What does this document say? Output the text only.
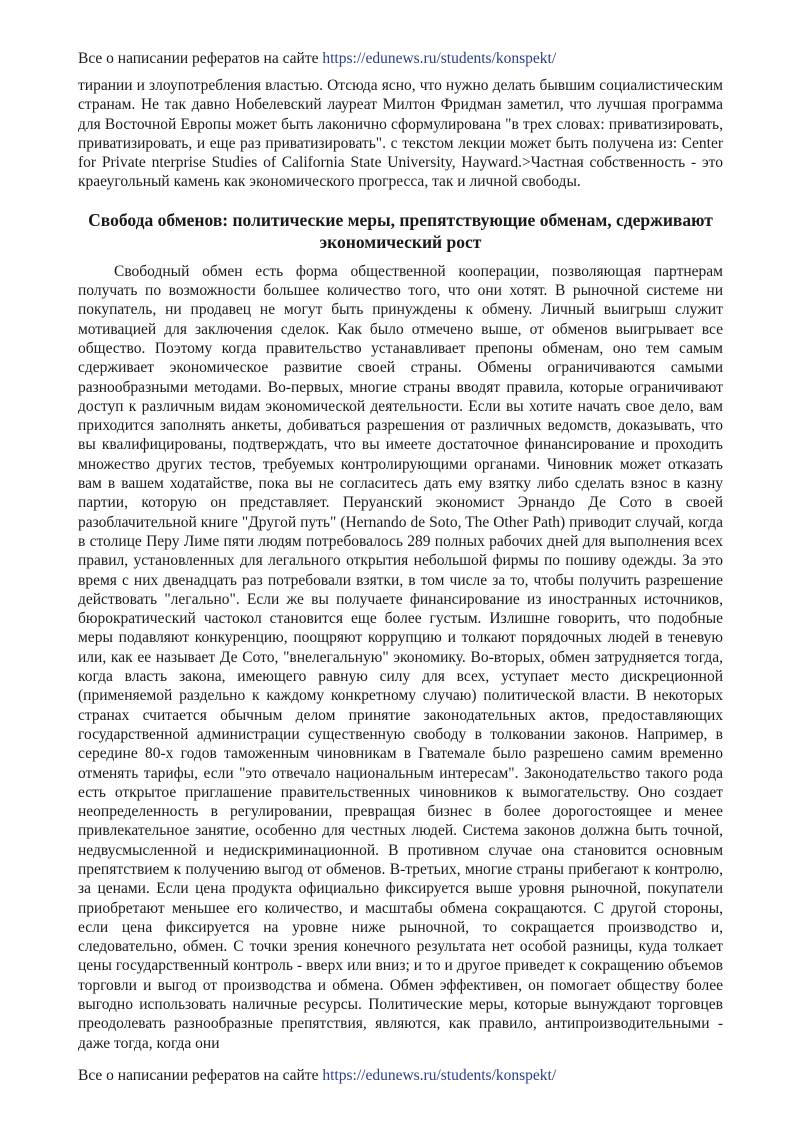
Все о написании рефератов на сайте https://edunews.ru/students/konspekt/

тирании и злоупотребления властью. Отсюда ясно, что нужно делать бывшим социалистическим странам. Не так давно Нобелевский лауреат Милтон Фридман заметил, что лучшая программа для Восточной Европы может быть лаконично сформулирована "в трех словах: приватизировать, приватизировать, и еще раз приватизировать". с текстом лекции может быть получена из: Center for Private nterprise Studies of California State University, Hayward.>Частная собственность - это краеугольный камень как экономического прогресса, так и личной свободы.

Свобода обменов: политические меры, препятствующие обменам, сдерживают экономический рост

Свободный обмен есть форма общественной кооперации, позволяющая партнерам получать по возможности большее количество того, что они хотят. В рыночной системе ни покупатель, ни продавец не могут быть принуждены к обмену. Личный выигрыш служит мотивацией для заключения сделок. Как было отмечено выше, от обменов выигрывает все общество. Поэтому когда правительство устанавливает препоны обменам, оно тем самым сдерживает экономическое развитие своей страны. Обмены ограничиваются самыми разнообразными методами. Во-первых, многие страны вводят правила, которые ограничивают доступ к различным видам экономической деятельности. Если вы хотите начать свое дело, вам приходится заполнять анкеты, добиваться разрешения от различных ведомств, доказывать, что вы квалифицированы, подтверждать, что вы имеете достаточное финансирование и проходить множество других тестов, требуемых контролирующими органами. Чиновник может отказать вам в вашем ходатайстве, пока вы не согласитесь дать ему взятку либо сделать взнос в казну партии, которую он представляет. Перуанский экономист Эрнандо Де Сото в своей разоблачительной книге "Другой путь" (Hernando de Soto, The Other Path) приводит случай, когда в столице Перу Лиме пяти людям потребовалось 289 полных рабочих дней для выполнения всех правил, установленных для легального открытия небольшой фирмы по пошиву одежды. За это время с них двенадцать раз потребовали взятки, в том числе за то, чтобы получить разрешение действовать "легально". Если же вы получаете финансирование из иностранных источников, бюрократический частокол становится еще более густым. Излишне говорить, что подобные меры подавляют конкуренцию, поощряют коррупцию и толкают порядочных людей в теневую или, как ее называет Де Сото, "внелегальную" экономику. Во-вторых, обмен затрудняется тогда, когда власть закона, имеющего равную силу для всех, уступает место дискреционной (применяемой раздельно к каждому конкретному случаю) политической власти. В некоторых странах считается обычным делом принятие законодательных актов, предоставляющих государственной администрации существенную свободу в толковании законов. Например, в середине 80-х годов таможенным чиновникам в Гватемале было разрешено самим временно отменять тарифы, если "это отвечало национальным интересам". Законодательство такого рода есть открытое приглашение правительственных чиновников к вымогательству. Оно создает неопределенность в регулировании, превращая бизнес в более дорогостоящее и менее привлекательное занятие, особенно для честных людей. Система законов должна быть точной, недвусмысленной и недискриминационной. В противном случае она становится основным препятствием к получению выгод от обменов. В-третьих, многие страны прибегают к контролю, за ценами. Если цена продукта официально фиксируется выше уровня рыночной, покупатели приобретают меньшее его количество, и масштабы обмена сокращаются. С другой стороны, если цена фиксируется на уровне ниже рыночной, то сокращается производство и, следовательно, обмен. С точки зрения конечного результата нет особой разницы, куда толкает цены государственный контроль - вверх или вниз; и то и другое приведет к сокращению объемов торговли и выгод от производства и обмена. Обмен эффективен, он помогает обществу более выгодно использовать наличные ресурсы. Политические меры, которые вынуждают торговцев преодолевать разнообразные препятствия, являются, как правило, антипроизводительными - даже тогда, когда они

Все о написании рефератов на сайте https://edunews.ru/students/konspekt/
